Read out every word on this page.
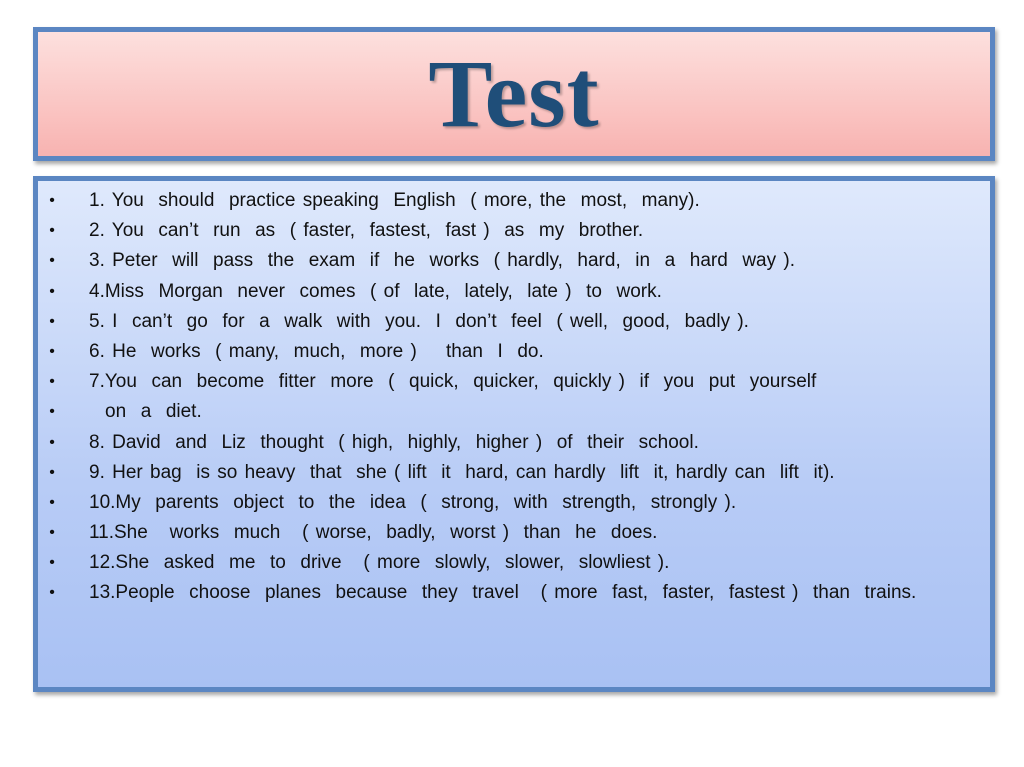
Test
• 1. You  should  practice speaking  English  ( more, the  most,  many).
• 2. You  can’t  run  as  ( faster,  fastest,  fast )  as  my  brother.
• 3. Peter  will  pass  the  exam  if  he  works  ( hardly,  hard,  in  a  hard  way ).
• 4.Miss  Morgan  never  comes  ( of  late,  lately,  late )  to  work.
• 5. I  can’t  go  for  a  walk  with  you.  I  don’t  feel  ( well,  good,  badly ).
• 6. He  works  ( many,  much,  more )    than  I  do.
• 7.You  can  become  fitter  more  (  quick,  quicker,  quickly )  if  you  put  yourself
•	on  a  diet.
• 8. David  and  Liz  thought  ( high,  highly,  higher )  of  their  school.
• 9. Her bag  is so heavy  that  she ( lift  it  hard, can hardly  lift  it, hardly can  lift  it).
• 10.My  parents  object  to  the  idea  (  strong,  with  strength,  strongly ).
• 11.She   works  much   ( worse,  badly,  worst )  than  he  does.
• 12.She  asked  me  to  drive   ( more  slowly,  slower,  slowliest ).
• 13.People  choose  planes  because  they  travel   ( more  fast,  faster,  fastest )  than  trains.
